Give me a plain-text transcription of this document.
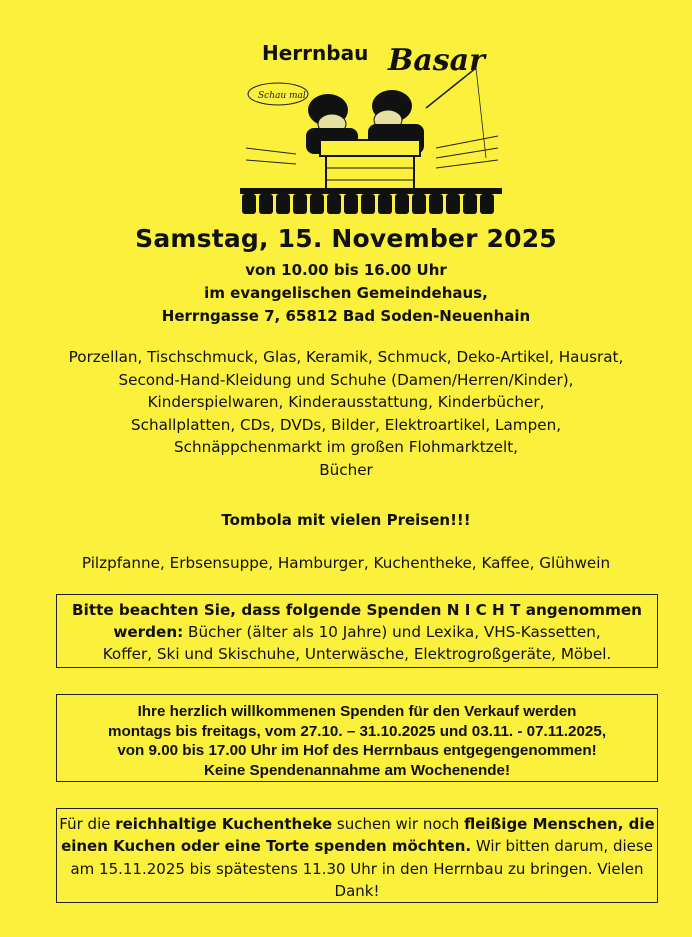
Herrnbau Basar
Schau mal
Samstag, 15. November 2025
von 10.00 bis 16.00 Uhr
im evangelischen Gemeindehaus,
Herrngasse 7, 65812 Bad Soden-Neuenhain
Porzellan, Tischschmuck, Glas, Keramik, Schmuck, Deko-Artikel, Hausrat,
Second-Hand-Kleidung und Schuhe (Damen/Herren/Kinder),
Kinderspielwaren, Kinderausstattung, Kinderbücher,
Schallplatten, CDs, DVDs, Bilder, Elektroartikel, Lampen,
Schnäppchenmarkt im großen Flohmarktzelt,
Bücher
Tombola mit vielen Preisen!!!
Pilzpfanne, Erbsensuppe, Hamburger, Kuchentheke, Kaffee, Glühwein
Bitte beachten Sie, dass folgende Spenden N I C H T angenommen
werden: Bücher (älter als 10 Jahre) und Lexika, VHS-Kassetten,
Koffer, Ski und Skischuhe, Unterwäsche, Elektrogroßgeräte, Möbel.
Ihre herzlich willkommenen Spenden für den Verkauf werden
montags bis freitags, vom 27.10. – 31.10.2025 und 03.11. - 07.11.2025,
von 9.00 bis 17.00 Uhr im Hof des Herrnbaus entgegengenommen!
Keine Spendenannahme am Wochenende!
Für die reichhaltige Kuchentheke suchen wir noch fleißige Menschen, die
einen Kuchen oder eine Torte spenden möchten. Wir bitten darum, diese
am 15.11.2025 bis spätestens 11.30 Uhr in den Herrnbau zu bringen. Vielen
Dank!
